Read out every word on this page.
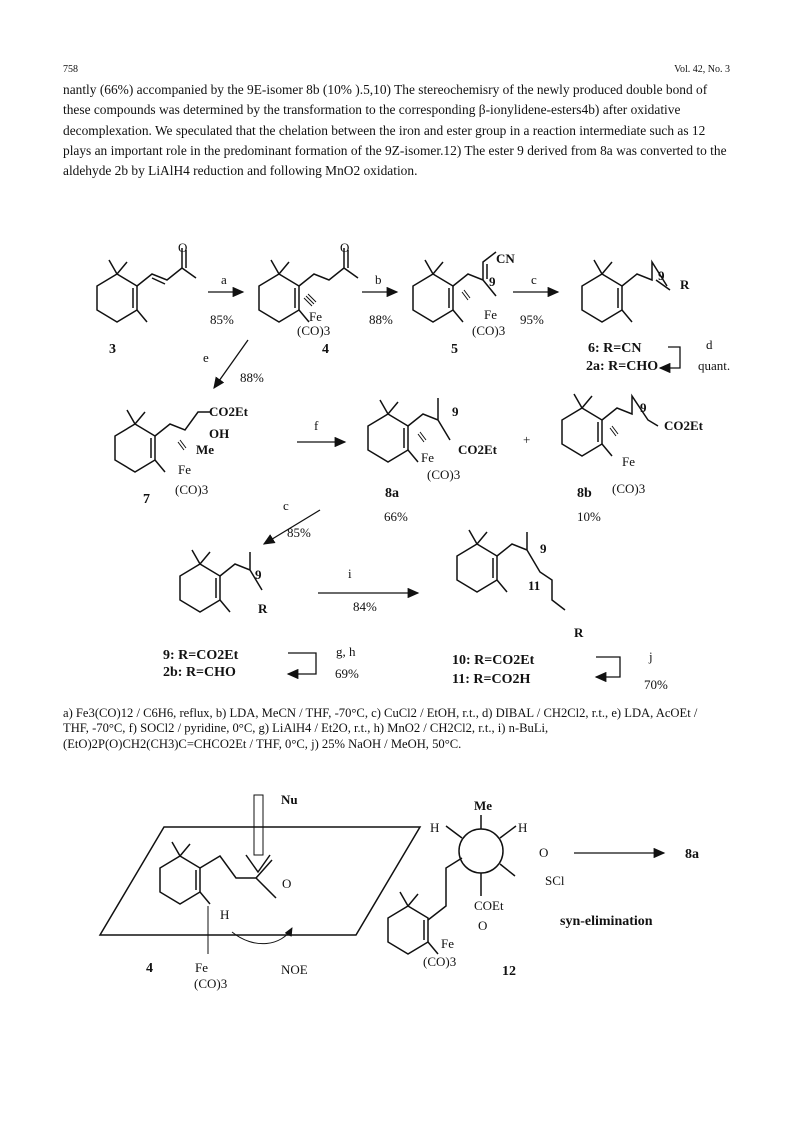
758	Vol. 42, No. 3

nantly (66%) accompanied by the 9E-isomer 8b (10% ).5,10) The stereochemisry of the newly produced double bond of these compounds was determined by the transformation to the corresponding β-ionylidene-esters4b) after oxidative decomplexation. We speculated that the chelation between the iron and ester group in a reaction intermediate such as 12 plays an important role in the predominant formation of the 9Z-isomer.12) The ester 9 derived from 8a was converted to the aldehyde 2b by LiAlH4 reduction and following MnO2 oxidation.

O
3
a
85%
O
Fe
(CO)3
4
b
88%
CN
9
Fe
(CO)3
5
c
95%
9
R
6: R=CN
2a: R=CHO
d
quant.
e
88%
CO2Et
OH
Me
Fe
(CO)3
7
f
9
CO2Et
Fe
(CO)3
8a
66%
+
9
CO2Et
Fe
(CO)3
8b
10%
c
85%
9
R
9: R=CO2Et
2b: R=CHO
g, h
69%
i
84%
9
11
R
10: R=CO2Et
11: R=CO2H
j
70%
Nu
O
H
Fe
(CO)3
NOE
4
Me
H	H
O
SCl
COEt
O
Fe
(CO)3
12
8a
syn-elimination
a) Fe3(CO)12 / C6H6, reflux, b) LDA, MeCN / THF, -70°C, c) CuCl2 / EtOH, r.t., d) DIBAL / CH2Cl2, r.t., e) LDA, AcOEt / THF, -70°C, f) SOCl2 / pyridine, 0°C, g) LiAlH4 / Et2O, r.t., h) MnO2 / CH2Cl2, r.t., i) n-BuLi, (EtO)2P(O)CH2(CH3)C=CHCO2Et / THF, 0°C, j) 25% NaOH / MeOH, 50°C.
